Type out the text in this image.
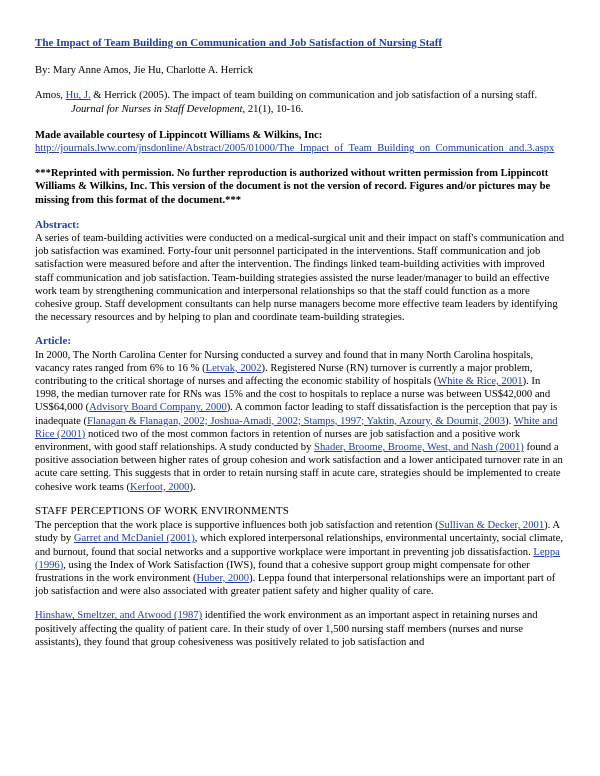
The Impact of Team Building on Communication and Job Satisfaction of Nursing Staff

By: Mary Anne Amos, Jie Hu, Charlotte A. Herrick

Amos, Hu, J. & Herrick (2005). The impact of team building on communication and job satisfaction of a nursing staff. Journal for Nurses in Staff Development, 21(1), 10-16.

Made available courtesy of Lippincott Williams & Wilkins, Inc:

http://journals.lww.com/jnsdonline/Abstract/2005/01000/The_Impact_of_Team_Building_on_Communication_and.3.aspx

***Reprinted with permission. No further reproduction is authorized without written permission from Lippincott Williams & Wilkins, Inc. This version of the document is not the version of record. Figures and/or pictures may be missing from this format of the document.***

Abstract:

A series of team-building activities were conducted on a medical-surgical unit and their impact on staff's communication and job satisfaction was examined. Forty-four unit personnel participated in the interventions. Staff communication and job satisfaction were measured before and after the intervention. The findings linked team-building activities with improved staff communication and job satisfaction. Team-building strategies assisted the nurse leader/manager to build an effective work team by strengthening communication and interpersonal relationships so that the staff could function as a more cohesive group. Staff development consultants can help nurse managers become more effective team leaders by identifying the necessary resources and by helping to plan and coordinate team-building strategies.

Article:

In 2000, The North Carolina Center for Nursing conducted a survey and found that in many North Carolina hospitals, vacancy rates ranged from 6% to 16 % (Letvak, 2002). Registered Nurse (RN) turnover is currently a major problem, contributing to the critical shortage of nurses and affecting the economic stability of hospitals (White & Rice, 2001). In 1998, the median turnover rate for RNs was 15% and the cost to hospitals to replace a nurse was between US$42,000 and US$64,000 (Advisory Board Company, 2000). A common factor leading to staff dissatisfaction is the perception that pay is inadequate (Flanagan & Flanagan, 2002; Joshua-Amadi, 2002; Stamps, 1997; Yaktin, Azoury, & Doumit, 2003). White and Rice (2001) noticed two of the most common factors in retention of nurses are job satisfaction and a positive work environment, with good staff relationships. A study conducted by Shader, Broome, Broome, West, and Nash (2001) found a positive association between higher rates of group cohesion and work satisfaction and a lower anticipated turnover rate in an acute care setting. This suggests that in order to retain nursing staff in acute care, strategies should be implemented to create cohesive work teams (Kerfoot, 2000).

STAFF PERCEPTIONS OF WORK ENVIRONMENTS

The perception that the work place is supportive influences both job satisfaction and retention (Sullivan & Decker, 2001). A study by Garret and McDaniel (2001), which explored interpersonal relationships, environmental uncertainty, social climate, and burnout, found that social networks and a supportive workplace were important in preventing job dissatisfaction. Leppa (1996), using the Index of Work Satisfaction (IWS), found that a cohesive support group might compensate for other frustrations in the work environment (Huber, 2000). Leppa found that interpersonal relationships were an important part of job satisfaction and were also associated with greater patient safety and higher quality of care.

Hinshaw, Smeltzer, and Atwood (1987) identified the work environment as an important aspect in retaining nurses and positively affecting the quality of patient care. In their study of over 1,500 nursing staff members (nurses and nurse assistants), they found that group cohesiveness was positively related to job satisfaction and
